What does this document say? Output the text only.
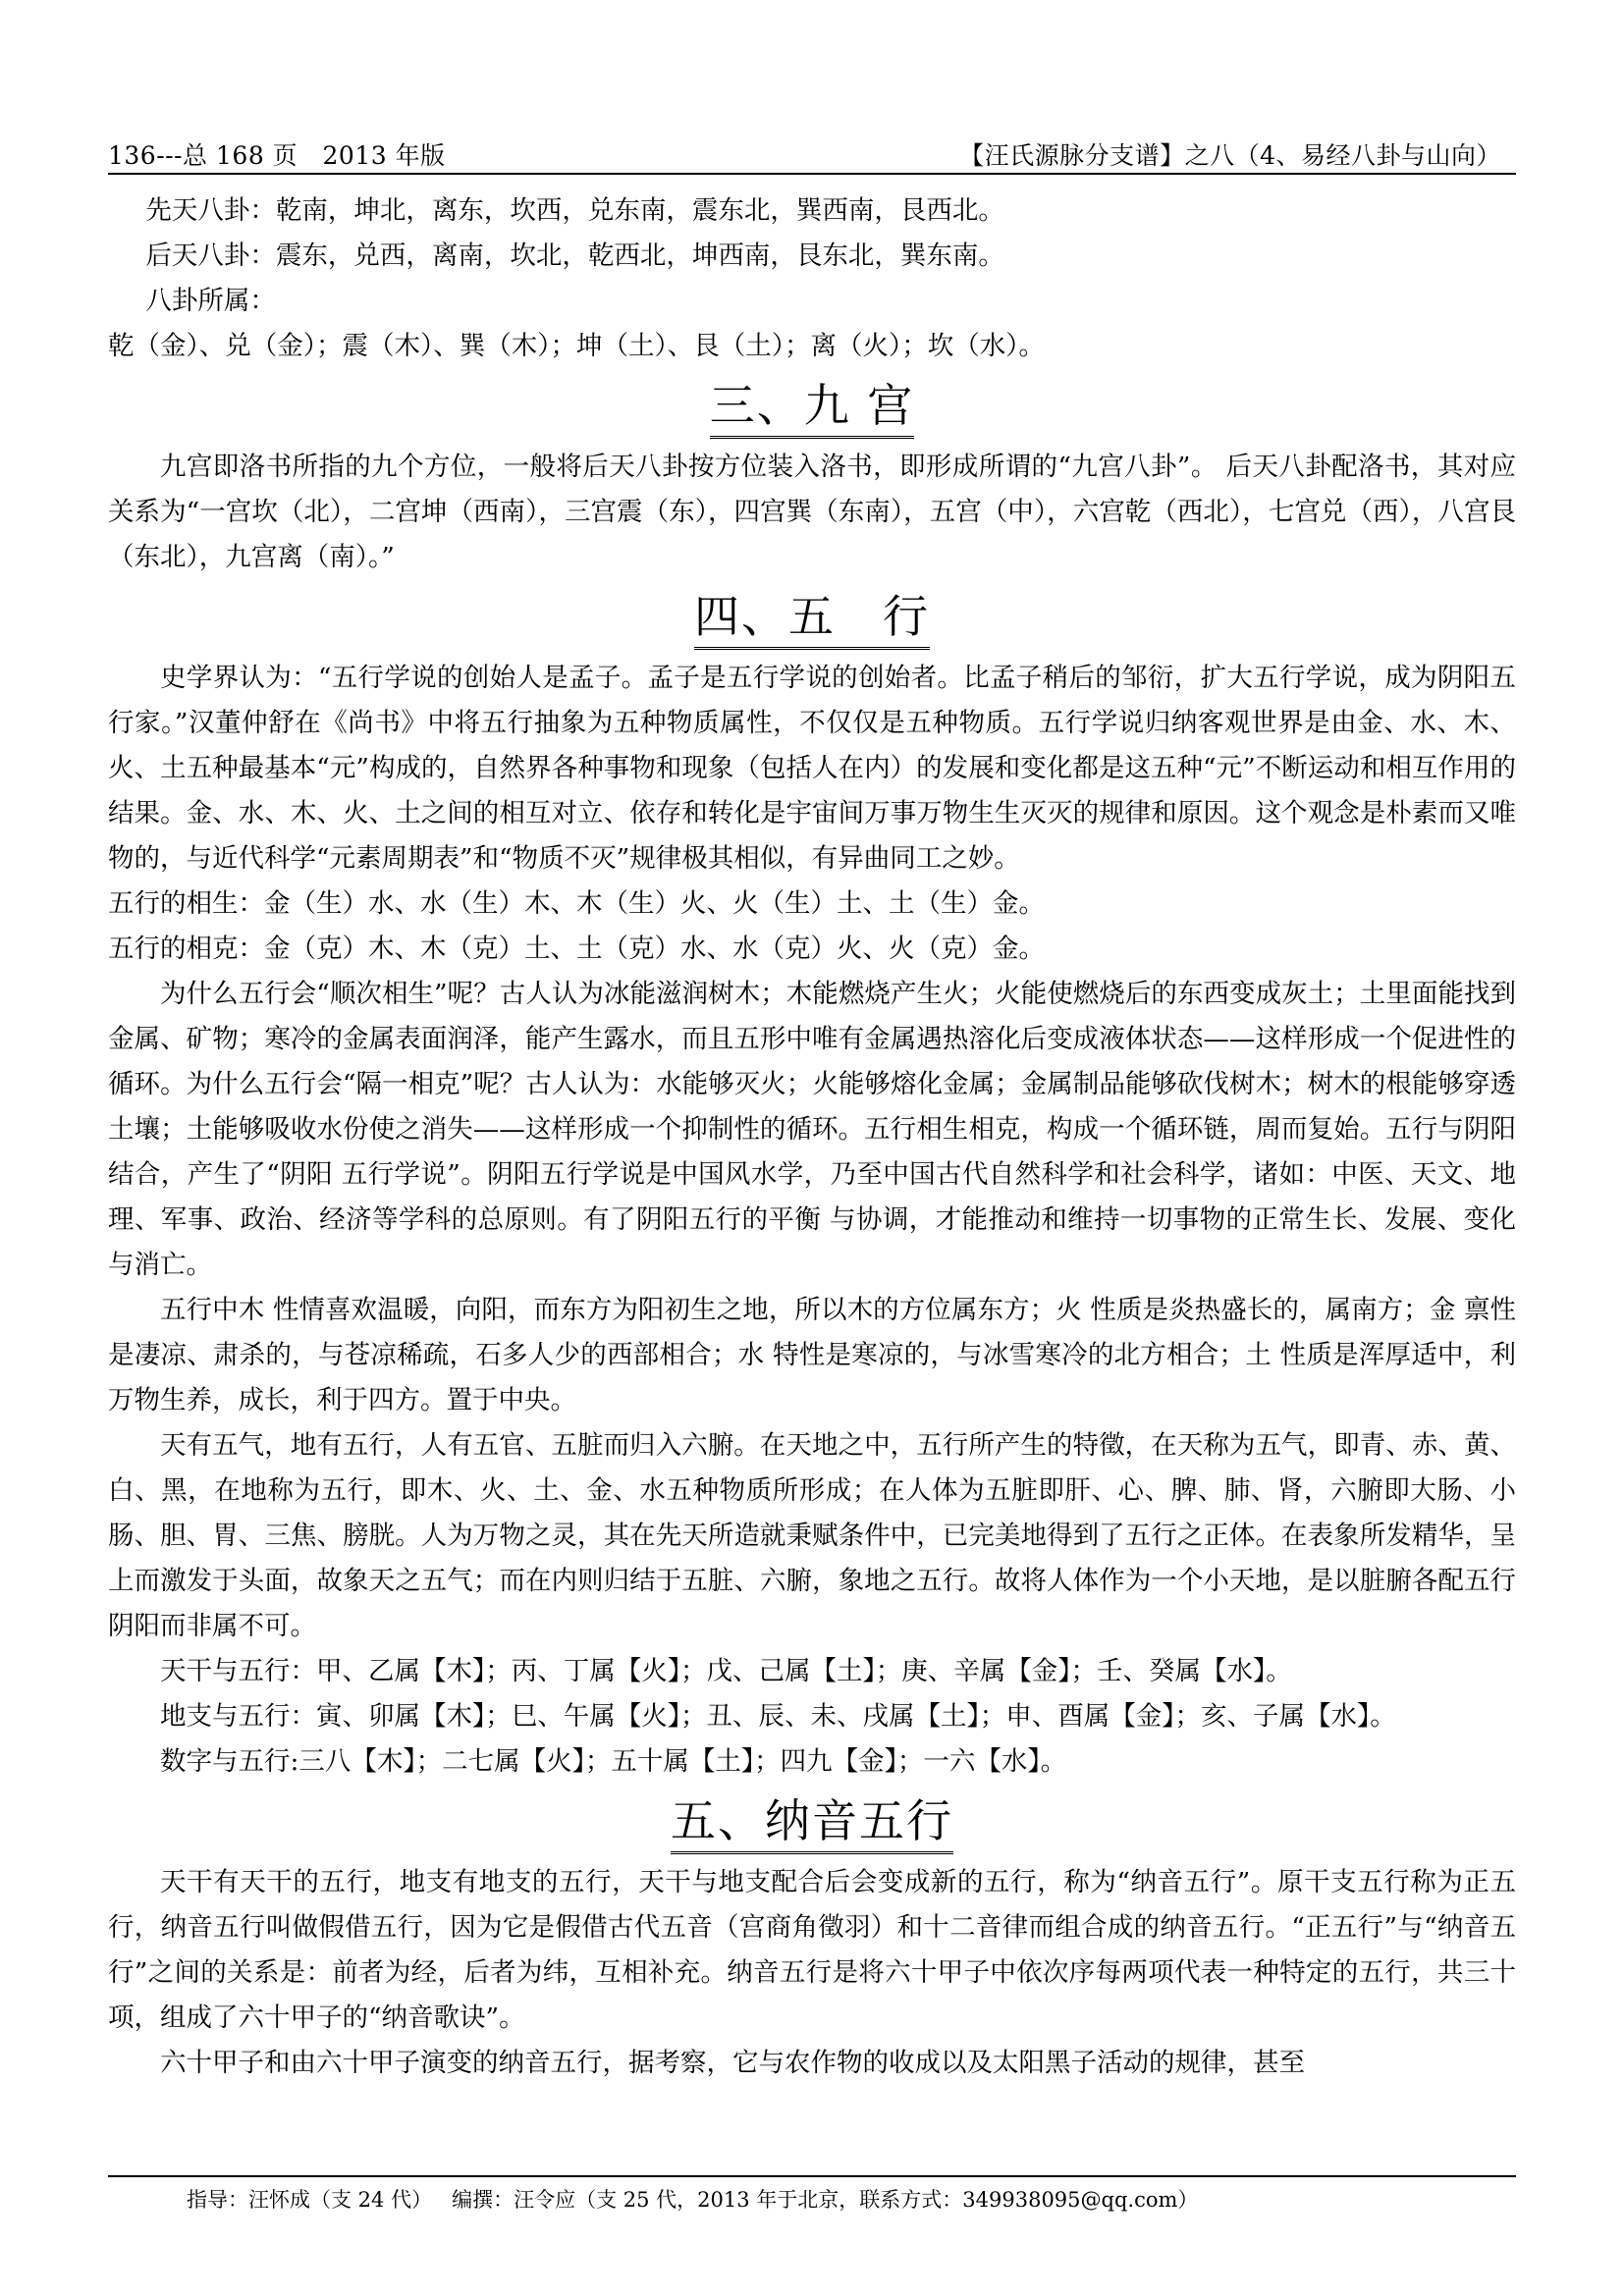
136---总 168 页   2013 年版	【汪氏源脉分支谱】之八（4、易经八卦与山向）

先天八卦：乾南，坤北，离东，坎西，兑东南，震东北，巽西南，艮西北。

后天八卦：震东，兑西，离南，坎北，乾西北，坤西南，艮东北，巽东南。

八卦所属：

乾（金）、兑（金）；震（木）、巽（木）；坤（土）、艮（土）；离（火）；坎（水）。

三、九 宫

九宫即洛书所指的九个方位，一般将后天八卦按方位装入洛书，即形成所谓的“九宫八卦”。 后天八卦配洛书，其对应关系为“一宫坎（北），二宫坤（西南），三宫震（东），四宫巽（东南），五宫（中），六宫乾（西北），七宫兑（西），八宫艮（东北），九宫离（南）。”

四、五　行

史学界认为：“五行学说的创始人是孟子。孟子是五行学说的创始者。比孟子稍后的邹衍，扩大五行学说，成为阴阳五行家。”汉董仲舒在《尚书》中将五行抽象为五种物质属性，不仅仅是五种物质。五行学说归纳客观世界是由金、水、木、火、土五种最基本“元”构成的，自然界各种事物和现象（包括人在内）的发展和变化都是这五种“元”不断运动和相互作用的结果。金、水、木、火、土之间的相互对立、依存和转化是宇宙间万事万物生生灭灭的规律和原因。这个观念是朴素而又唯物的，与近代科学“元素周期表”和“物质不灭”规律极其相似，有异曲同工之妙。

五行的相生：金（生）水、水（生）木、木（生）火、火（生）土、土（生）金。

五行的相克：金（克）木、木（克）土、土（克）水、水（克）火、火（克）金。

为什么五行会“顺次相生”呢？古人认为冰能滋润树木；木能燃烧产生火；火能使燃烧后的东西变成灰土；土里面能找到金属、矿物；寒冷的金属表面润泽，能产生露水，而且五形中唯有金属遇热溶化后变成液体状态——这样形成一个促进性的循环。为什么五行会“隔一相克”呢？古人认为：水能够灭火；火能够熔化金属；金属制品能够砍伐树木；树木的根能够穿透土壤；土能够吸收水份使之消失——这样形成一个抑制性的循环。五行相生相克，构成一个循环链，周而复始。五行与阴阳结合，产生了“阴阳 五行学说”。阴阳五行学说是中国风水学，乃至中国古代自然科学和社会科学，诸如：中医、天文、地理、军事、政治、经济等学科的总原则。有了阴阳五行的平衡 与协调，才能推动和维持一切事物的正常生长、发展、变化与消亡。

五行中木 性情喜欢温暖，向阳，而东方为阳初生之地，所以木的方位属东方；火 性质是炎热盛长的，属南方；金 禀性是凄凉、肃杀的，与苍凉稀疏，石多人少的西部相合；水 特性是寒凉的，与冰雪寒冷的北方相合；土 性质是浑厚适中，利万物生养，成长，利于四方。置于中央。

天有五气，地有五行，人有五官、五脏而归入六腑。在天地之中，五行所产生的特徵，在天称为五气，即青、赤、黄、白、黑，在地称为五行，即木、火、土、金、水五种物质所形成；在人体为五脏即肝、心、脾、肺、肾，六腑即大肠、小肠、胆、胃、三焦、膀胱。人为万物之灵，其在先天所造就秉赋条件中，已完美地得到了五行之正体。在表象所发精华，呈上而激发于头面，故象天之五气；而在内则归结于五脏、六腑，象地之五行。故将人体作为一个小天地，是以脏腑各配五行阴阳而非属不可。

天干与五行：甲、乙属【木】；丙、丁属【火】；戊、己属【土】；庚、辛属【金】；壬、癸属【水】。

地支与五行：寅、卯属【木】；巳、午属【火】；丑、辰、未、戌属【土】；申、酉属【金】；亥、子属【水】。

数字与五行:三八【木】；二七属【火】；五十属【土】；四九【金】；一六【水】。

五、纳音五行

天干有天干的五行，地支有地支的五行，天干与地支配合后会变成新的五行，称为“纳音五行”。原干支五行称为正五行，纳音五行叫做假借五行，因为它是假借古代五音（宫商角徵羽）和十二音律而组合成的纳音五行。“正五行”与“纳音五行”之间的关系是：前者为经，后者为纬，互相补充。纳音五行是将六十甲子中依次序每两项代表一种特定的五行，共三十项，组成了六十甲子的“纳音歌诀”。

六十甲子和由六十甲子演变的纳音五行，据考察，它与农作物的收成以及太阳黑子活动的规律，甚至

指导：汪怀成（支 24 代）   编撰：汪令应（支 25 代，2013 年于北京，联系方式：349938095@qq.com）
